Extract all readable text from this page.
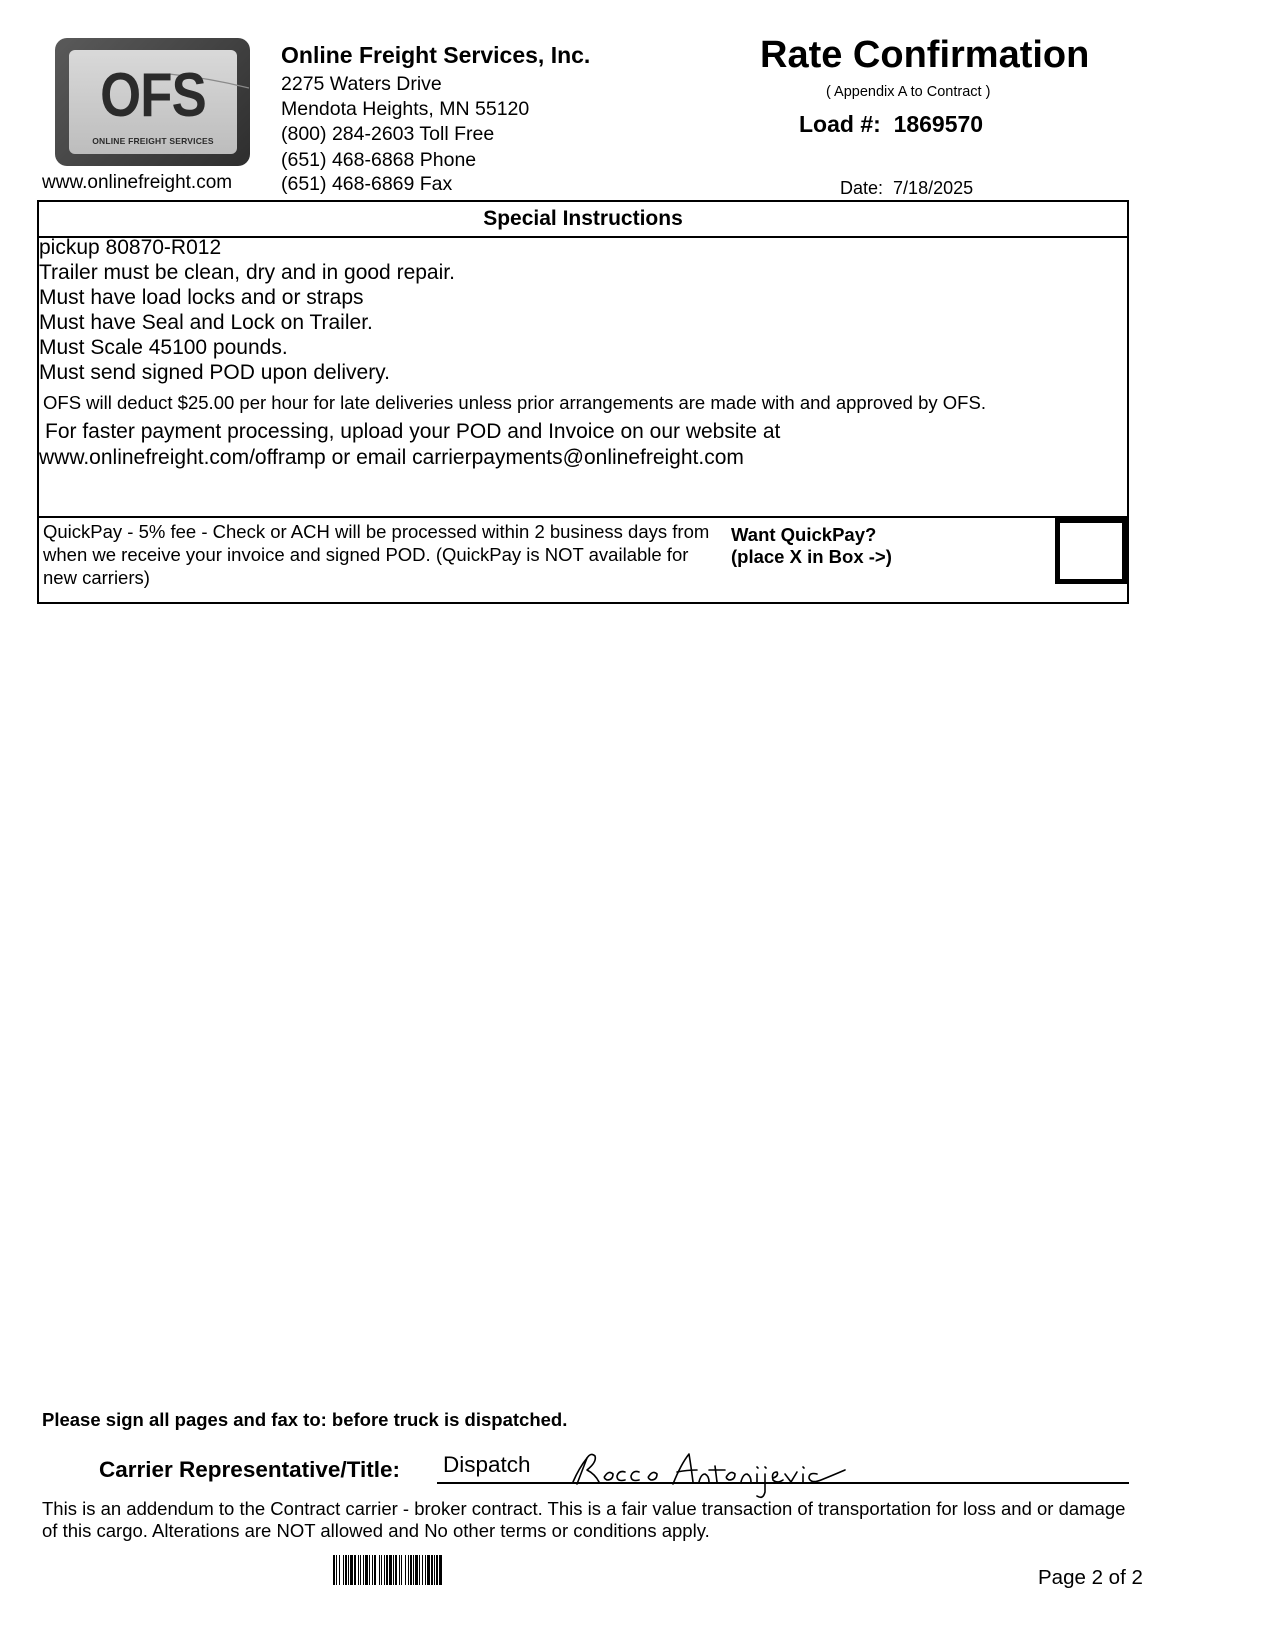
OFS
ONLINE FREIGHT SERVICES
www.onlinefreight.com
Online Freight Services, Inc.
2275 Waters Drive
Mendota Heights, MN 55120
(800) 284-2603 Toll Free
(651) 468-6868 Phone
(651) 468-6869 Fax
Rate Confirmation
( Appendix A to Contract )
Load #: 1869570
Date: 7/18/2025
Special Instructions
pickup 80870-R012
Trailer must be clean, dry and in good repair.
Must have load locks and or straps
Must have Seal and Lock on Trailer.
Must Scale 45100 pounds.
Must send signed POD upon delivery.
OFS will deduct $25.00 per hour for late deliveries unless prior arrangements are made with and approved by OFS.
For faster payment processing, upload your POD and Invoice on our website at
www.onlinefreight.com/offramp or email carrierpayments@onlinefreight.com
QuickPay - 5% fee - Check or ACH will be processed within 2 business days from when we receive your invoice and signed POD. (QuickPay is NOT available for new carriers)
Want QuickPay?
(place X in Box ->)
Please sign all pages and fax to: before truck is dispatched.
Carrier Representative/Title: Dispatch
This is an addendum to the Contract carrier - broker contract. This is a fair value transaction of transportation for loss and or damage of this cargo. Alterations are NOT allowed and No other terms or conditions apply.
Page 2 of 2
